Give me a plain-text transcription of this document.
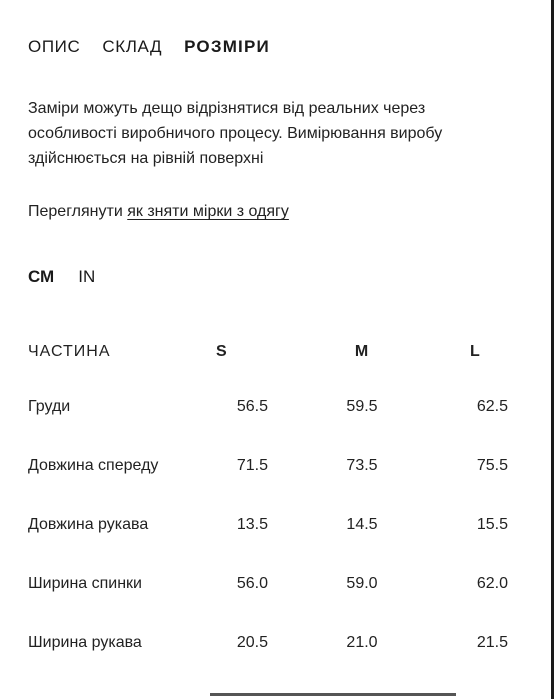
ОПИС СКЛАД РОЗМІРИ
Заміри можуть дещо відрізнятися від реальних через особливості виробничого процесу. Вимірювання виробу здійснюється на рівній поверхні
Переглянути як зняти мірки з одягу
СМ IN
ЧАСТИНА	S	M	L
Груди	56.5	59.5	62.5
Довжина спереду	71.5	73.5	75.5
Довжина рукава	13.5	14.5	15.5
Ширина спинки	56.0	59.0	62.0
Ширина рукава	20.5	21.0	21.5
